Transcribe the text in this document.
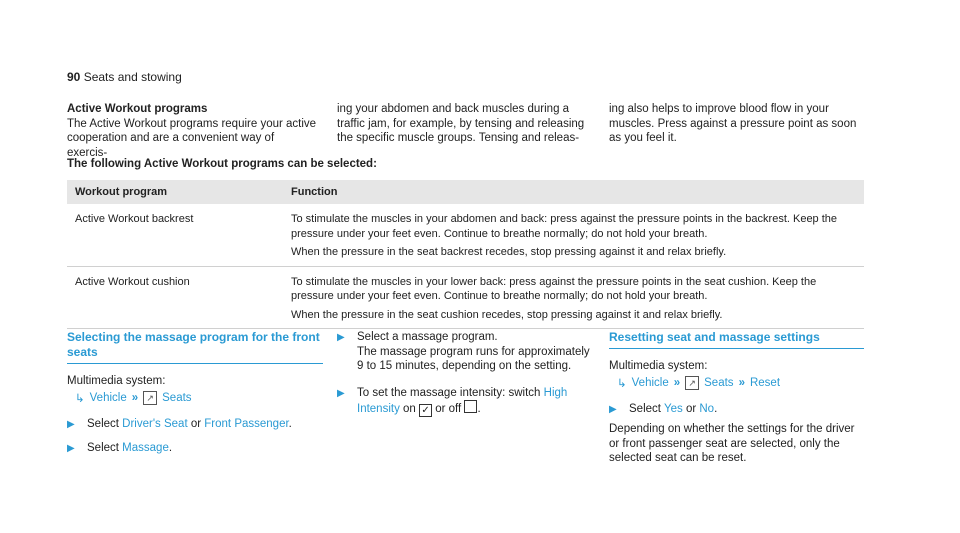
90 Seats and stowing

Active Workout programs

The Active Workout programs require your active cooperation and are a convenient way of exercis-

ing your abdomen and back muscles during a traffic jam, for example, by tensing and releasing the specific muscle groups. Tensing and releas-

ing also helps to improve blood flow in your muscles. Press against a pressure point as soon as you feel it.

The following Active Workout programs can be selected:
Workout program	Function
Active Workout backrest	To stimulate the muscles in your abdomen and back: press against the pressure points in the backrest. Keep the pressure under your feet even. Continue to breathe normally; do not hold your breath.

When the pressure in the seat backrest recedes, stop pressing against it and relax briefly.

Active Workout cushion	To stimulate the muscles in your lower back: press against the pressure points in the seat cushion. Keep the pressure under your feet even. Continue to breathe normally; do not hold your breath.

When the pressure in the seat cushion recedes, stop pressing against it and relax briefly.

Selecting the massage program for the front seats

Multimedia system:

↳ Vehicle » ↗ Seats
▶	Select Driver's Seat or Front Passenger.

▶	Select Massage.

▶	Select a massage program.

The massage program runs for approximately 9 to 15 minutes, depending on the setting.

▶	To set the massage intensity: switch High Intensity on ✓ or off .

Resetting seat and massage settings

Multimedia system:

↳ Vehicle » ↗ Seats » Reset
▶	Select Yes or No.

Depending on whether the settings for the driver or front passenger seat are selected, only the selected seat can be reset.
